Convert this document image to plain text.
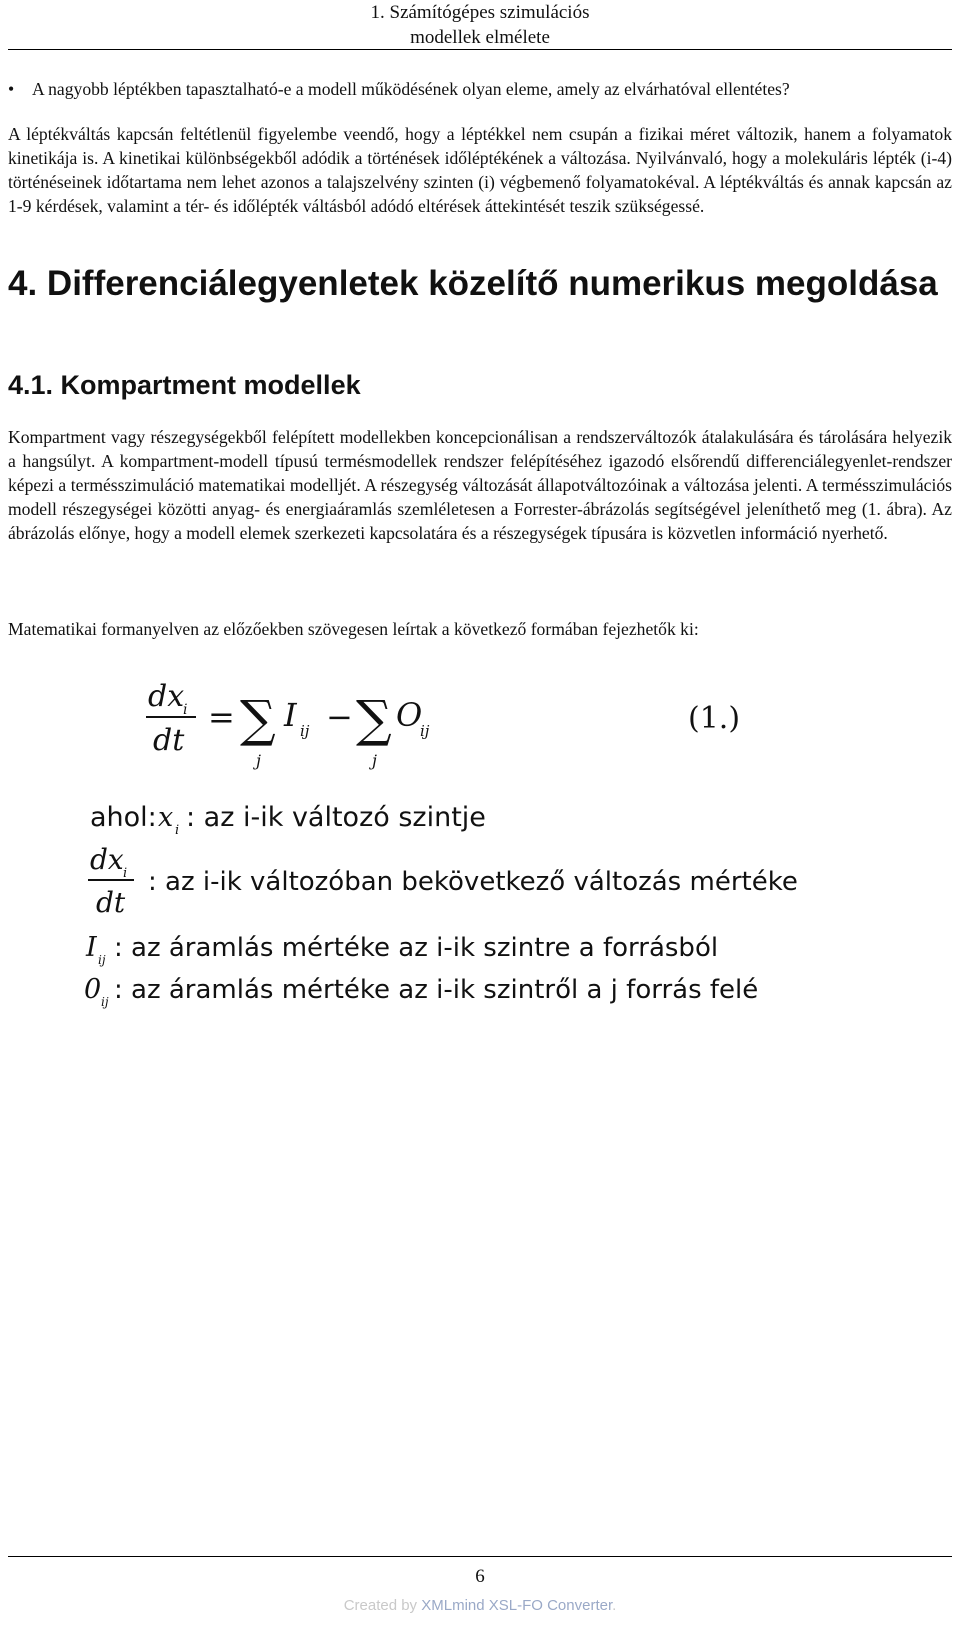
1. Számítógépes szimulációs
modellek elmélete
•	A nagyobb léptékben tapasztalható-e a modell működésének olyan eleme, amely az elvárhatóval ellentétes?
A léptékváltás kapcsán feltétlenül figyelembe veendő, hogy a léptékkel nem csupán a fizikai méret változik, hanem a folyamatok kinetikája is. A kinetikai különbségekből adódik a történések időléptékének a változása. Nyilvánvaló, hogy a molekuláris lépték (i-4) történéseinek időtartama nem lehet azonos a talajszelvény szinten (i) végbemenő folyamatokéval. A léptékváltás és annak kapcsán az 1-9 kérdések, valamint a tér- és időlépték váltásból adódó eltérések áttekintését teszik szükségessé.
4. Differenciálegyenletek közelítő numerikus megoldása
4.1. Kompartment modellek
Kompartment vagy részegységekből felépített modellekben koncepcionálisan a rendszerváltozók átalakulására és tárolására helyezik a hangsúlyt. A kompartment-modell típusú termésmodellek rendszer felépítéséhez igazodó elsőrendű differenciálegyenlet-rendszer képezi a termésszimuláció matematikai modelljét. A részegység változását állapotváltozóinak a változása jelenti. A termésszimulációs modell részegységei közötti anyag- és energiaáramlás szemléletesen a Forrester-ábrázolás segítségével jeleníthető meg (1. ábra). Az ábrázolás előnye, hogy a modell elemek szerkezeti kapcsolatára és a részegységek típusára is közvetlen információ nyerhető.
Matematikai formanyelven az előzőekben szövegesen leírtak a következő formában fejezhetők ki:
dx
i
dt
= ∑
j
I ij − ∑
j
O
ij	(1.)
ahol: x i : az i-ik változó szintje
dx i
dt
: az i-ik változóban bekövetkező változás mértéke
I ij : az áramlás mértéke az i-ik szintre a forrásból
0 ij : az áramlás mértéke az i-ik szintről a j forrás felé
6
Created by XMLmind XSL-FO Converter.
